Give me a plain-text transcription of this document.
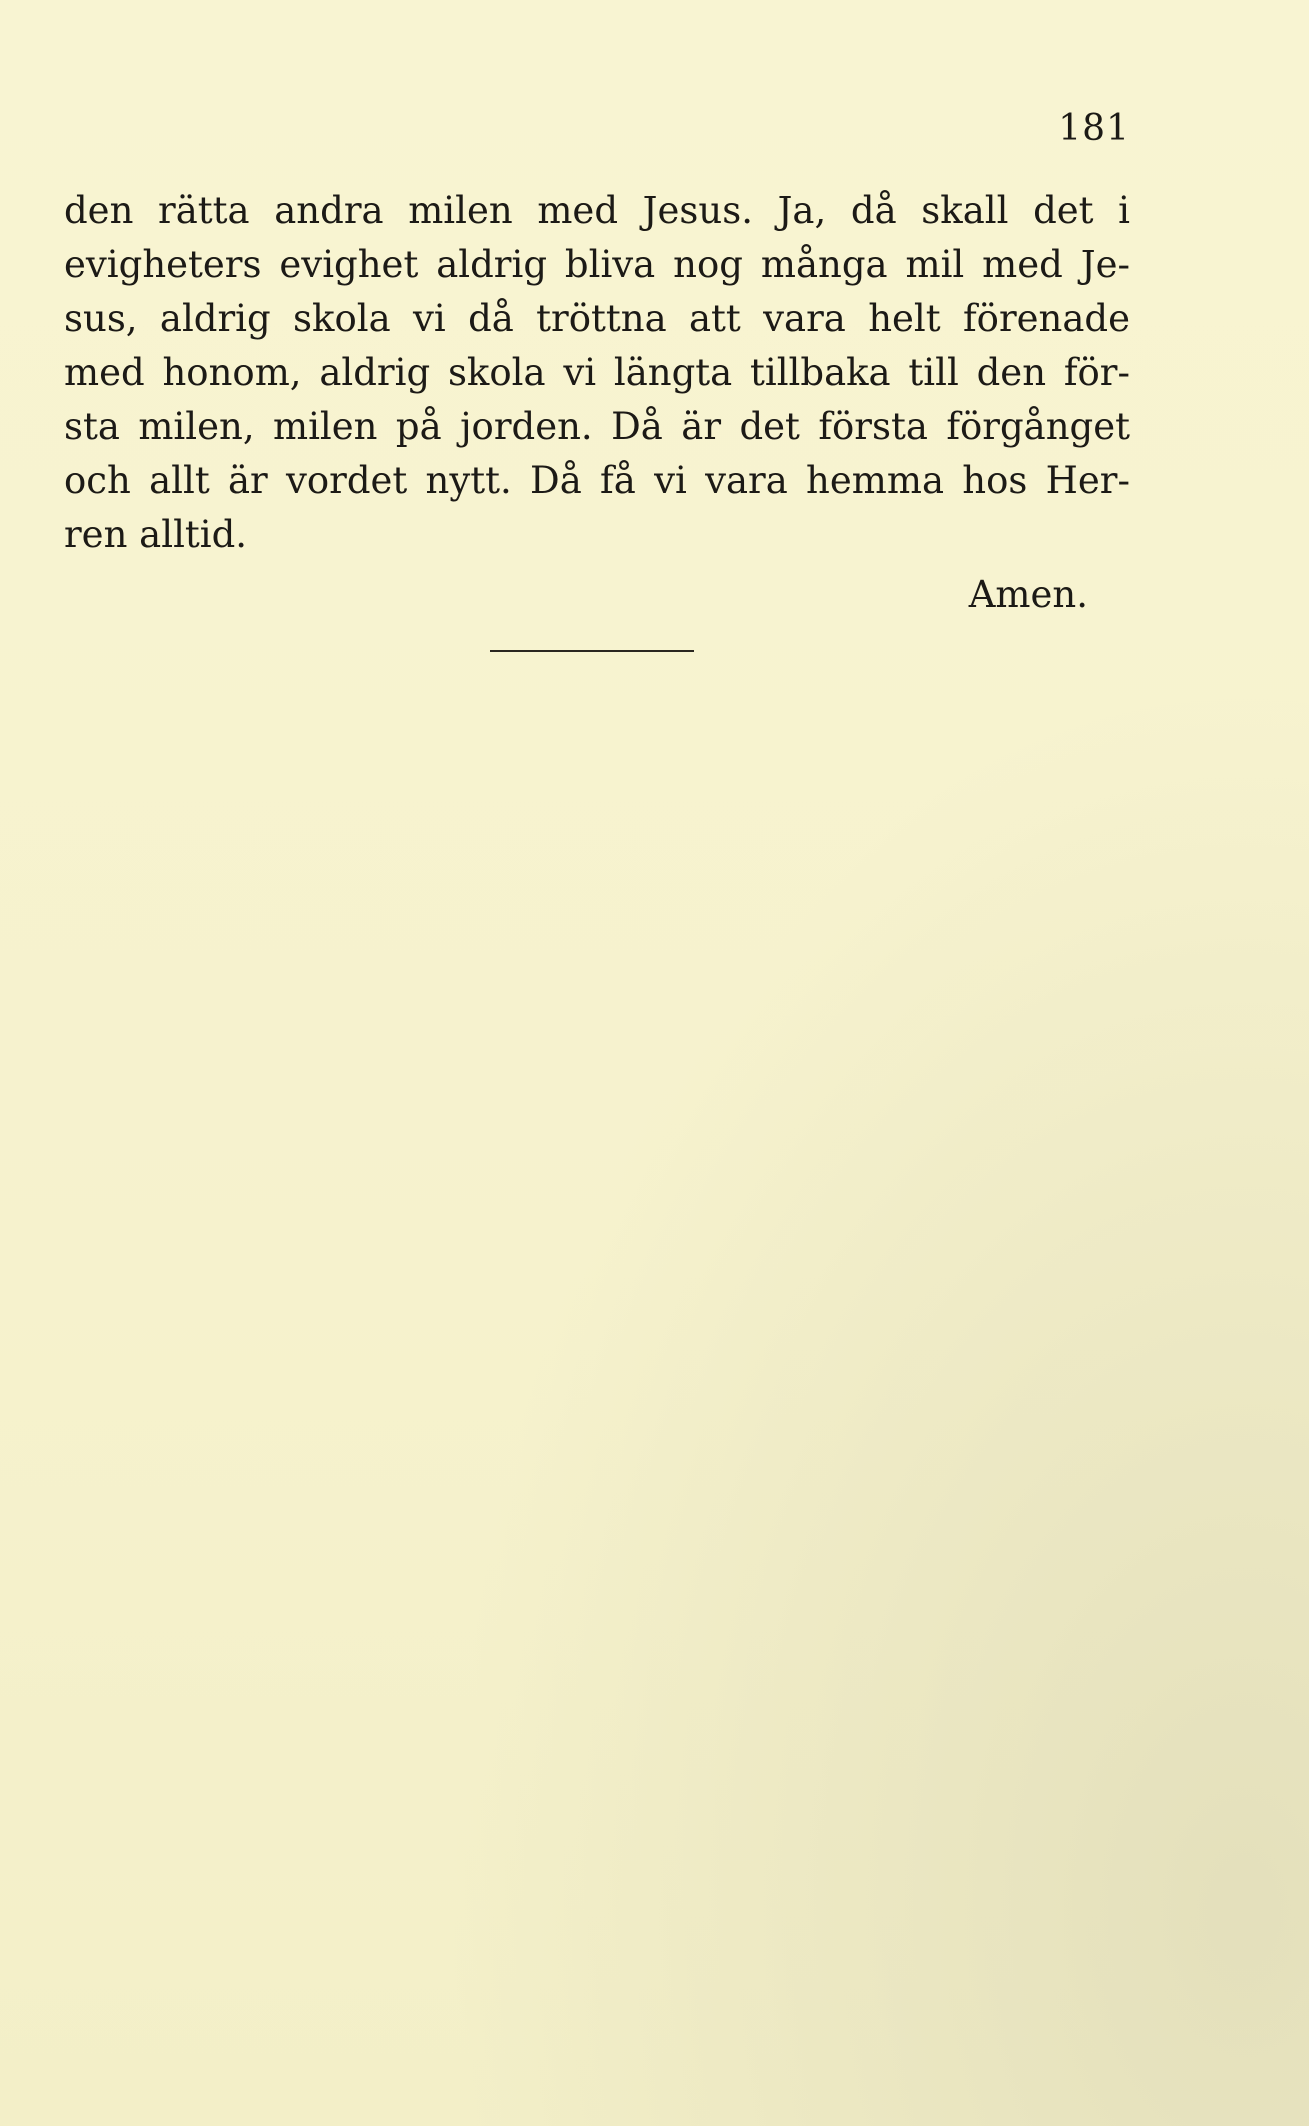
181
den rätta andra milen med Jesus. Ja, då skall det i
evigheters evighet aldrig bliva nog många mil med Je-
sus, aldrig skola vi då tröttna att vara helt förenade
med honom, aldrig skola vi längta tillbaka till den för-
sta milen, milen på jorden. Då är det första förgånget
och allt är vordet nytt. Då få vi vara hemma hos Her-
ren alltid.
Amen.
